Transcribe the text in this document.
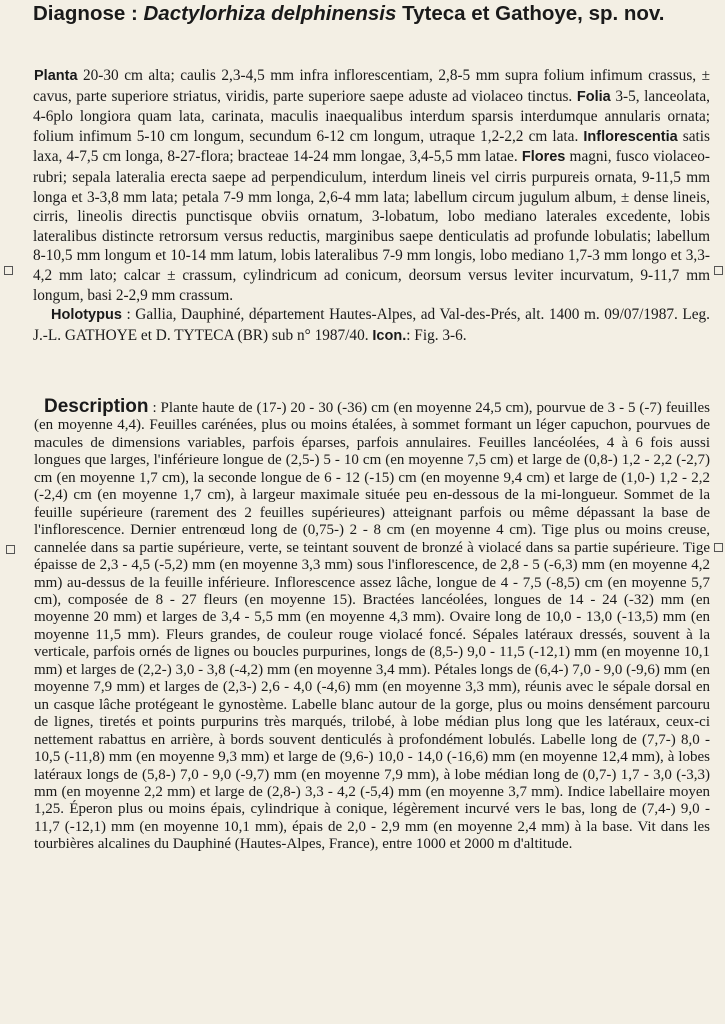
Diagnose : Dactylorhiza delphinensis Tyteca et Gathoye, sp. nov.

Planta 20-30 cm alta; caulis 2,3-4,5 mm infra inflorescentiam, 2,8-5 mm supra folium infimum crassus, ± cavus, parte superiore striatus, viridis, parte superiore saepe aduste ad violaceo tinctus. Folia 3-5, lanceolata, 4-6plo longiora quam lata, carinata, maculis inaequalibus interdum sparsis interdumque annularis ornata; folium infimum 5-10 cm longum, secundum 6-12 cm longum, utraque 1,2-2,2 cm lata. Inflorescentia satis laxa, 4-7,5 cm longa, 8-27-flora; bracteae 14-24 mm longae, 3,4-5,5 mm latae. Flores magni, fusco violaceo-rubri; sepala lateralia erecta saepe ad perpendiculum, interdum lineis vel cirris purpureis ornata, 9-11,5 mm longa et 3-3,8 mm lata; petala 7-9 mm longa, 2,6-4 mm lata; labellum circum jugulum album, ± dense lineis, cirris, lineolis directis punctisque obviis ornatum, 3-lobatum, lobo mediano laterales excedente, lobis lateralibus distincte retrorsum versus reductis, marginibus saepe denticulatis ad profunde lobulatis; labellum 8-10,5 mm longum et 10-14 mm latum, lobis lateralibus 7-9 mm longis, lobo mediano 1,7-3 mm longo et 3,3-4,2 mm lato; calcar ± crassum, cylindricum ad conicum, deorsum versus leviter incurvatum, 9-11,7 mm longum, basi 2-2,9 mm crassum.

Holotypus : Gallia, Dauphiné, département Hautes-Alpes, ad Val-des-Prés, alt. 1400 m. 09/07/1987. Leg. J.-L. GATHOYE et D. TYTECA (BR) sub n° 1987/40. Icon.: Fig. 3-6.

Description : Plante haute de (17-) 20 - 30 (-36) cm (en moyenne 24,5 cm), pourvue de 3 - 5 (-7) feuilles (en moyenne 4,4). Feuilles carénées, plus ou moins étalées, à sommet formant un léger capuchon, pourvues de macules de dimensions variables, parfois éparses, parfois annulaires. Feuilles lancéolées, 4 à 6 fois aussi longues que larges, l'inférieure longue de (2,5-) 5 - 10 cm (en moyenne 7,5 cm) et large de (0,8-) 1,2 - 2,2 (-2,7) cm (en moyenne 1,7 cm), la seconde longue de 6 - 12 (-15) cm (en moyenne 9,4 cm) et large de (1,0-) 1,2 - 2,2 (-2,4) cm (en moyenne 1,7 cm), à largeur maximale située peu en-dessous de la mi-longueur. Sommet de la feuille supérieure (rarement des 2 feuilles supérieures) atteignant parfois ou même dépassant la base de l'inflorescence. Dernier entrenœud long de (0,75-) 2 - 8 cm (en moyenne 4 cm). Tige plus ou moins creuse, cannelée dans sa partie supérieure, verte, se teintant souvent de bronzé à violacé dans sa partie supérieure. Tige épaisse de 2,3 - 4,5 (-5,2) mm (en moyenne 3,3 mm) sous l'inflorescence, de 2,8 - 5 (-6,3) mm (en moyenne 4,2 mm) au-dessus de la feuille inférieure. Inflorescence assez lâche, longue de 4 - 7,5 (-8,5) cm (en moyenne 5,7 cm), composée de 8 - 27 fleurs (en moyenne 15). Bractées lancéolées, longues de 14 - 24 (-32) mm (en moyenne 20 mm) et larges de 3,4 - 5,5 mm (en moyenne 4,3 mm). Ovaire long de 10,0 - 13,0 (-13,5) mm (en moyenne 11,5 mm). Fleurs grandes, de couleur rouge violacé foncé. Sépales latéraux dressés, souvent à la verticale, parfois ornés de lignes ou boucles purpurines, longs de (8,5-) 9,0 - 11,5 (-12,1) mm (en moyenne 10,1 mm) et larges de (2,2-) 3,0 - 3,8 (-4,2) mm (en moyenne 3,4 mm). Pétales longs de (6,4-) 7,0 - 9,0 (-9,6) mm (en moyenne 7,9 mm) et larges de (2,3-) 2,6 - 4,0 (-4,6) mm (en moyenne 3,3 mm), réunis avec le sépale dorsal en un casque lâche protégeant le gynostème. Labelle blanc autour de la gorge, plus ou moins densément parcouru de lignes, tiretés et points purpurins très marqués, trilobé, à lobe médian plus long que les latéraux, ceux-ci nettement rabattus en arrière, à bords souvent denticulés à profondément lobulés. Labelle long de (7,7-) 8,0 - 10,5 (-11,8) mm (en moyenne 9,3 mm) et large de (9,6-) 10,0 - 14,0 (-16,6) mm (en moyenne 12,4 mm), à lobes latéraux longs de (5,8-) 7,0 - 9,0 (-9,7) mm (en moyenne 7,9 mm), à lobe médian long de (0,7-) 1,7 - 3,0 (-3,3) mm (en moyenne 2,2 mm) et large de (2,8-) 3,3 - 4,2 (-5,4) mm (en moyenne 3,7 mm). Indice labellaire moyen 1,25. Éperon plus ou moins épais, cylindrique à conique, légèrement incurvé vers le bas, long de (7,4-) 9,0 - 11,7 (-12,1) mm (en moyenne 10,1 mm), épais de 2,0 - 2,9 mm (en moyenne 2,4 mm) à la base. Vit dans les tourbières alcalines du Dauphiné (Hautes-Alpes, France), entre 1000 et 2000 m d'altitude.
